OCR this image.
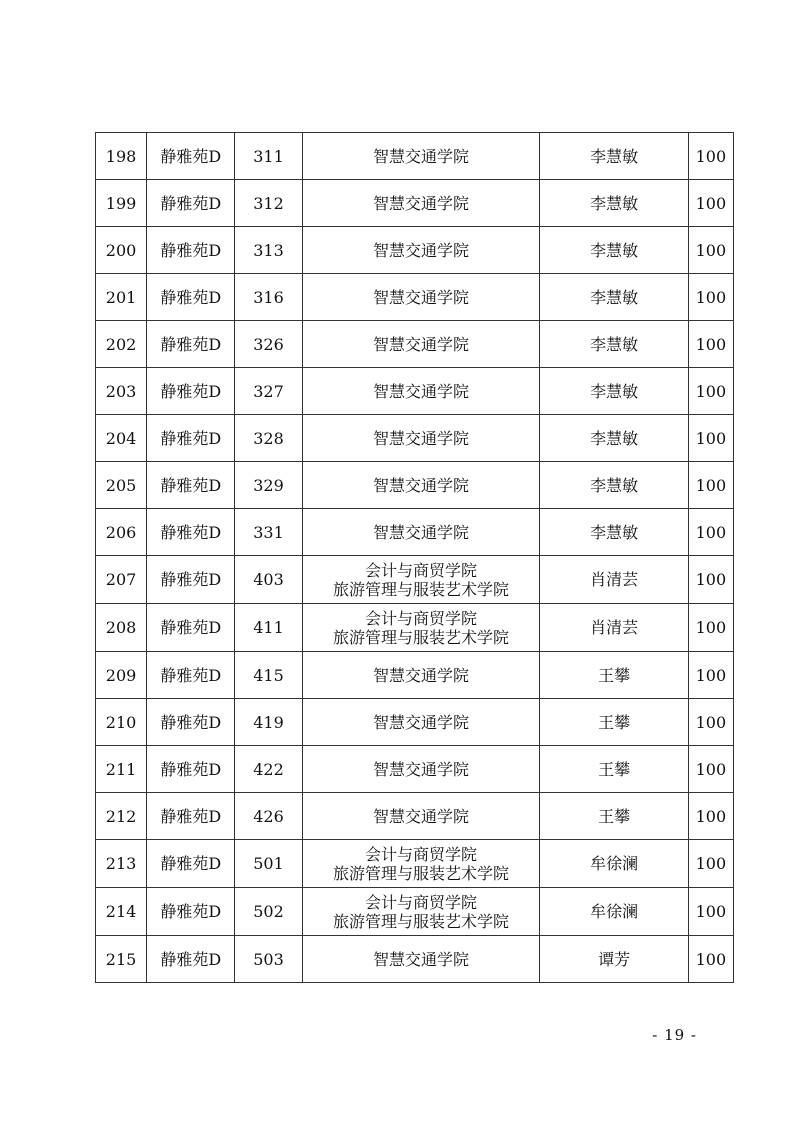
198	静雅苑D	311	智慧交通学院	李慧敏	100
199	静雅苑D	312	智慧交通学院	李慧敏	100
200	静雅苑D	313	智慧交通学院	李慧敏	100
201	静雅苑D	316	智慧交通学院	李慧敏	100
202	静雅苑D	326	智慧交通学院	李慧敏	100
203	静雅苑D	327	智慧交通学院	李慧敏	100
204	静雅苑D	328	智慧交通学院	李慧敏	100
205	静雅苑D	329	智慧交通学院	李慧敏	100
206	静雅苑D	331	智慧交通学院	李慧敏	100
207	静雅苑D	403	会计与商贸学院
旅游管理与服装艺术学院	肖清芸	100
208	静雅苑D	411	会计与商贸学院
旅游管理与服装艺术学院	肖清芸	100
209	静雅苑D	415	智慧交通学院	王攀	100
210	静雅苑D	419	智慧交通学院	王攀	100
211	静雅苑D	422	智慧交通学院	王攀	100
212	静雅苑D	426	智慧交通学院	王攀	100
213	静雅苑D	501	会计与商贸学院
旅游管理与服装艺术学院	牟徐澜	100
214	静雅苑D	502	会计与商贸学院
旅游管理与服装艺术学院	牟徐澜	100
215	静雅苑D	503	智慧交通学院	谭芳	100
- 19 -
